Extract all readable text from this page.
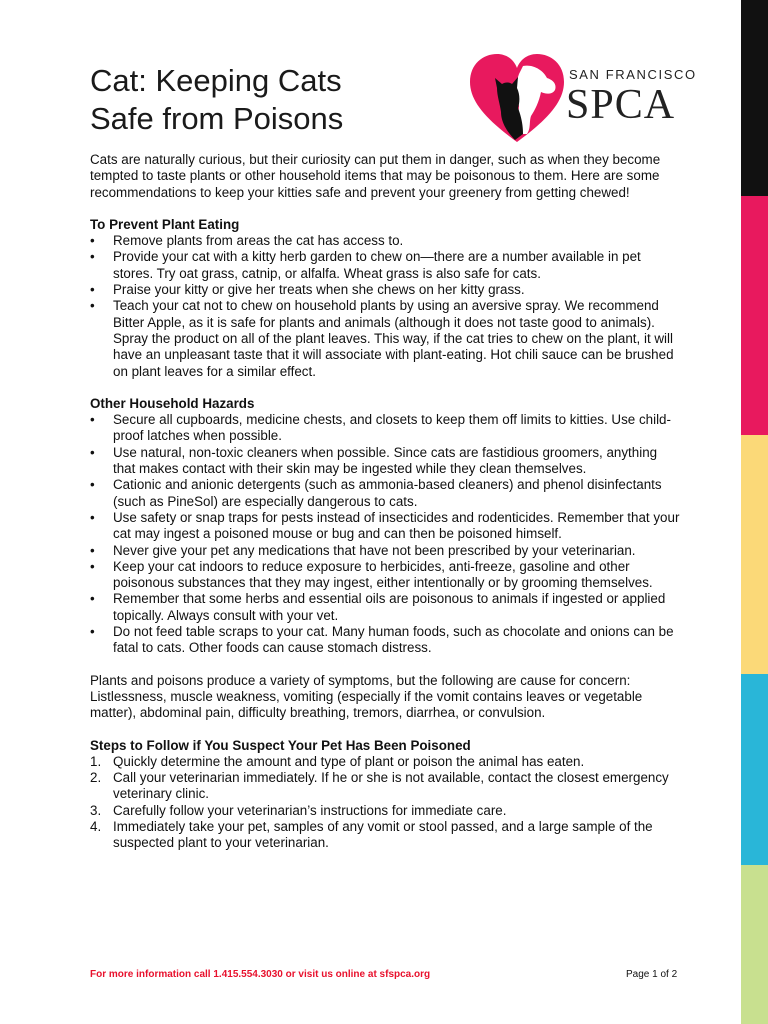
Cat: Keeping Cats
Safe from Poisons
SAN FRANCISCO
SPCA

Cats are naturally curious, but their curiosity can put them in danger, such as when they become tempted to taste plants or other household items that may be poisonous to them. Here are some recommendations to keep your kitties safe and prevent your greenery from getting chewed!

To Prevent Plant Eating
• Remove plants from areas the cat has access to.
• Provide your cat with a kitty herb garden to chew on—there are a number available in pet stores. Try oat grass, catnip, or alfalfa. Wheat grass is also safe for cats.
• Praise your kitty or give her treats when she chews on her kitty grass.
• Teach your cat not to chew on household plants by using an aversive spray. We recommend Bitter Apple, as it is safe for plants and animals (although it does not taste good to animals). Spray the product on all of the plant leaves. This way, if the cat tries to chew on the plant, it will have an unpleasant taste that it will associate with plant-eating. Hot chili sauce can be brushed on plant leaves for a similar effect.
Other Household Hazards
• Secure all cupboards, medicine chests, and closets to keep them off limits to kitties. Use child-proof latches when possible.
• Use natural, non-toxic cleaners when possible. Since cats are fastidious groomers, anything that makes contact with their skin may be ingested while they clean themselves.
• Cationic and anionic detergents (such as ammonia-based cleaners) and phenol disinfectants (such as PineSol) are especially dangerous to cats.
• Use safety or snap traps for pests instead of insecticides and rodenticides. Remember that your cat may ingest a poisoned mouse or bug and can then be poisoned himself.
• Never give your pet any medications that have not been prescribed by your veterinarian.
• Keep your cat indoors to reduce exposure to herbicides, anti-freeze, gasoline and other poisonous substances that they may ingest, either intentionally or by grooming themselves.
• Remember that some herbs and essential oils are poisonous to animals if ingested or applied topically. Always consult with your vet.
• Do not feed table scraps to your cat. Many human foods, such as chocolate and onions can be fatal to cats. Other foods can cause stomach distress.

Plants and poisons produce a variety of symptoms, but the following are cause for concern: Listlessness, muscle weakness, vomiting (especially if the vomit contains leaves or vegetable matter), abdominal pain, difficulty breathing, tremors, diarrhea, or convulsion.

Steps to Follow if You Suspect Your Pet Has Been Poisoned
1. Quickly determine the amount and type of plant or poison the animal has eaten.
2. Call your veterinarian immediately. If he or she is not available, contact the closest emergency veterinary clinic.
3. Carefully follow your veterinarian’s instructions for immediate care.
4. Immediately take your pet, samples of any vomit or stool passed, and a large sample of the suspected plant to your veterinarian.
For more information call 1.415.554.3030 or visit us online at sfspca.org	Page 1 of 2
